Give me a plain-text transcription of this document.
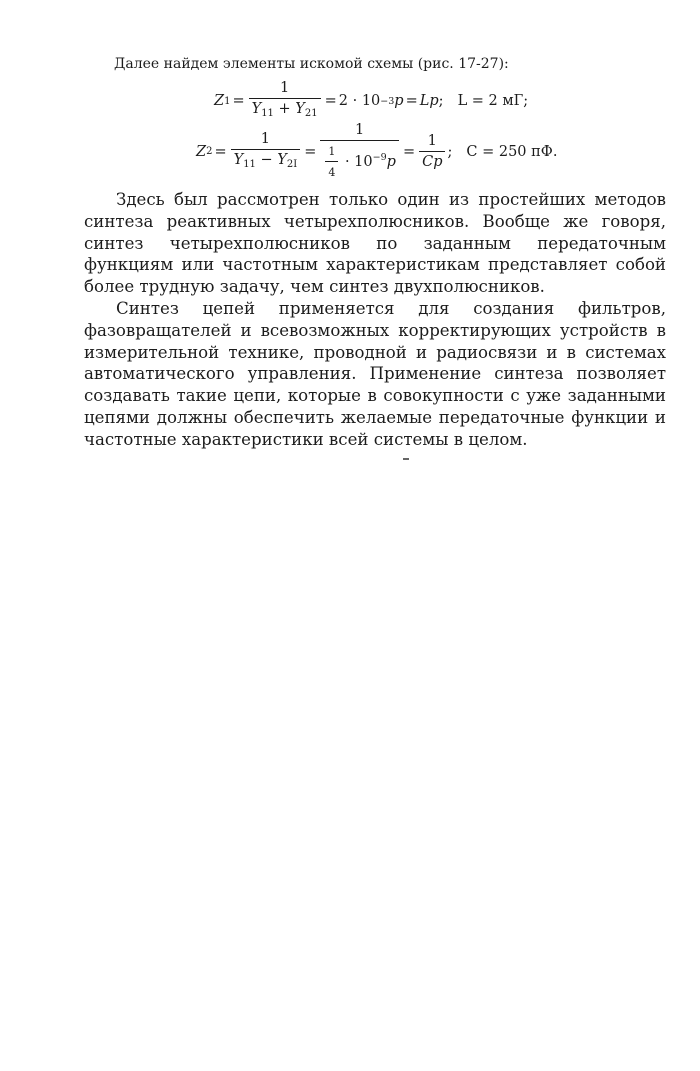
Далее найдем элементы искомой схемы (рис. 17-27):

Z $1 = \frac{1}{Y_{11} + Y_{21}} = 2 \cdot 10 -3$ p = Lp ; L = 2 мГ;
Z $2 = \frac{1}{Y_{11} - Y_{2I}} = \frac{1}{\frac{1}{4} \cdot 10^{-9}p} = \frac{1}{Cp}$ ; C = 250 пФ.

Здесь был рассмотрен только один из простейших методов синтеза реактивных четырехполюсников. Вообще же говоря, синтез четырехполюсников по заданным передаточным функциям или частотным характеристикам представляет собой более трудную задачу, чем синтез двухполюсников.

Синтез цепей применяется для создания фильтров, фазовращателей и всевозможных корректирующих устройств в измерительной технике, проводной и радиосвязи и в системах автоматического управления. Применение синтеза позволяет создавать такие цепи, которые в совокупности с уже заданными цепями должны обеспечить желаемые передаточные функции и частотные характеристики всей системы в целом.
